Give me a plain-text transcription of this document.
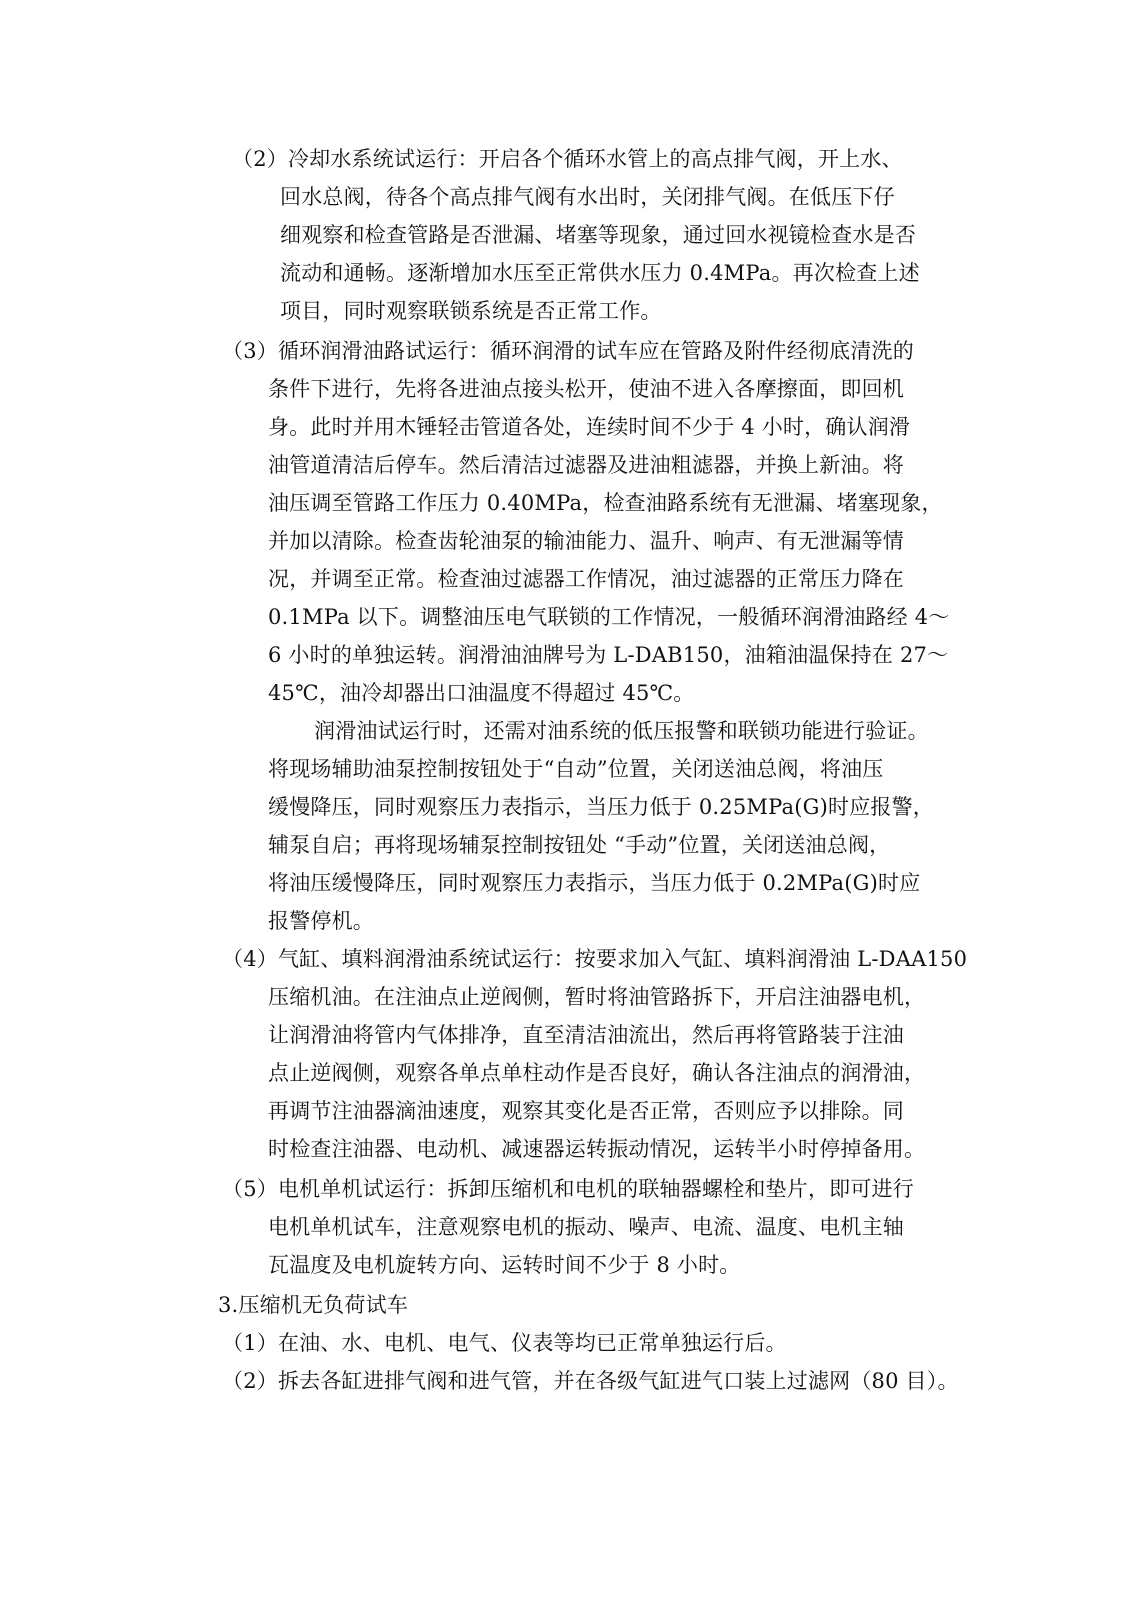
（2）冷却水系统试运行：开启各个循环水管上的高点排气阀，开上水、
回水总阀，待各个高点排气阀有水出时，关闭排气阀。在低压下仔
细观察和检查管路是否泄漏、堵塞等现象，通过回水视镜检查水是否
流动和通畅。逐渐增加水压至正常供水压力 0.4MPa。再次检查上述
项目，同时观察联锁系统是否正常工作。
（3）循环润滑油路试运行：循环润滑的试车应在管路及附件经彻底清洗的
条件下进行，先将各进油点接头松开，使油不进入各摩擦面，即回机
身。此时并用木锤轻击管道各处，连续时间不少于 4 小时，确认润滑
油管道清洁后停车。然后清洁过滤器及进油粗滤器，并换上新油。将
油压调至管路工作压力 0.40MPa，检查油路系统有无泄漏、堵塞现象，
并加以清除。检查齿轮油泵的输油能力、温升、响声、有无泄漏等情
况，并调至正常。检查油过滤器工作情况，油过滤器的正常压力降在
0.1MPa 以下。调整油压电气联锁的工作情况，一般循环润滑油路经 4～
6 小时的单独运转。润滑油油牌号为 L-DAB150，油箱油温保持在 27～
45℃，油冷却器出口油温度不得超过 45℃。
润滑油试运行时，还需对油系统的低压报警和联锁功能进行验证。
将现场辅助油泵控制按钮处于“自动”位置，关闭送油总阀，将油压
缓慢降压，同时观察压力表指示，当压力低于 0.25MPa(G)时应报警，
辅泵自启；再将现场辅泵控制按钮处 “手动”位置，关闭送油总阀，
将油压缓慢降压，同时观察压力表指示，当压力低于 0.2MPa(G)时应
报警停机。
（4）气缸、填料润滑油系统试运行：按要求加入气缸、填料润滑油 L-DAA150
压缩机油。在注油点止逆阀侧，暂时将油管路拆下，开启注油器电机，
让润滑油将管内气体排净，直至清洁油流出，然后再将管路装于注油
点止逆阀侧，观察各单点单柱动作是否良好，确认各注油点的润滑油，
再调节注油器滴油速度，观察其变化是否正常，否则应予以排除。同
时检查注油器、电动机、减速器运转振动情况，运转半小时停掉备用。
（5）电机单机试运行：拆卸压缩机和电机的联轴器螺栓和垫片，即可进行
电机单机试车，注意观察电机的振动、噪声、电流、温度、电机主轴
瓦温度及电机旋转方向、运转时间不少于 8 小时。
3.压缩机无负荷试车
（1）在油、水、电机、电气、仪表等均已正常单独运行后。
（2）拆去各缸进排气阀和进气管，并在各级气缸进气口装上过滤网（80 目）。
